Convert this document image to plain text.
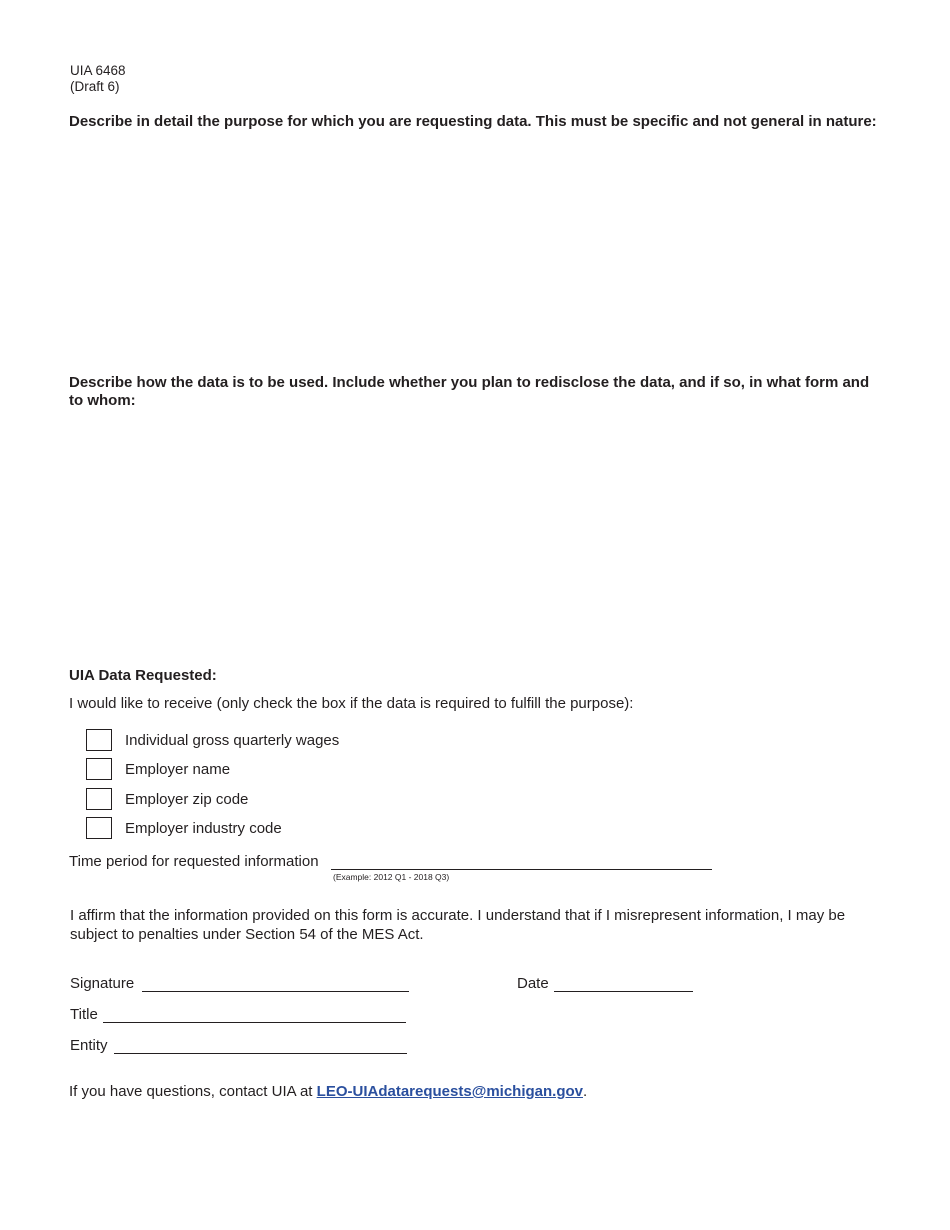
UIA 6468
(Draft 6)
Describe in detail the purpose for which you are requesting data. This must be specific and not general in nature:
Describe how the data is to be used. Include whether you plan to redisclose the data, and if so, in what form and to whom:
UIA Data Requested:
I would like to receive (only check the box if the data is required to fulfill the purpose):
Individual gross quarterly wages
Employer name
Employer zip code
Employer industry code
Time period for requested information
(Example: 2012 Q1 - 2018 Q3)
I affirm that the information provided on this form is accurate. I understand that if I misrepresent information, I may be subject to penalties under Section 54 of the MES Act.
Signature	Date
Title
Entity
If you have questions, contact UIA at LEO-UIAdatarequests@michigan.gov.
